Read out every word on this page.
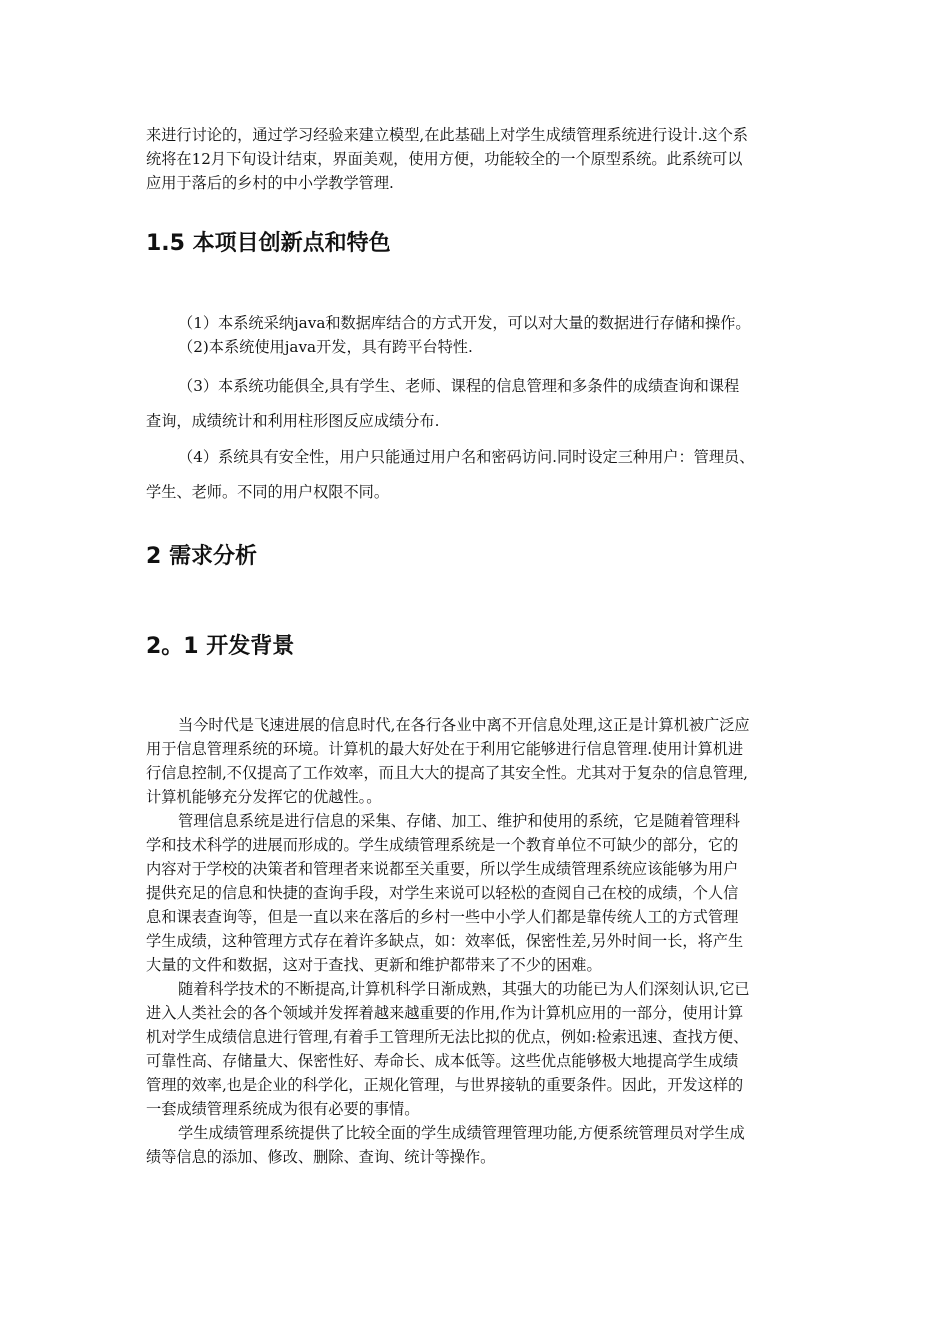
来进行讨论的，通过学习经验来建立模型,在此基础上对学生成绩管理系统进行设计.这个系
统将在12月下旬设计结束，界面美观，使用方便，功能较全的一个原型系统。此系统可以
应用于落后的乡村的中小学教学管理.
1.5 本项目创新点和特色
（1）本系统采纳java和数据库结合的方式开发，可以对大量的数据进行存储和操作。
（2)本系统使用java开发，具有跨平台特性.
（3）本系统功能俱全,具有学生、老师、课程的信息管理和多条件的成绩查询和课程
查询，成绩统计和利用柱形图反应成绩分布.
（4）系统具有安全性，用户只能通过用户名和密码访问.同时设定三种用户：管理员、
学生、老师。不同的用户权限不同。
2 需求分析
2。1 开发背景
当今时代是飞速进展的信息时代,在各行各业中离不开信息处理,这正是计算机被广泛应
用于信息管理系统的环境。计算机的最大好处在于利用它能够进行信息管理.使用计算机进
行信息控制,不仅提高了工作效率，而且大大的提高了其安全性。尤其对于复杂的信息管理,
计算机能够充分发挥它的优越性。。
管理信息系统是进行信息的采集、存储、加工、维护和使用的系统，它是随着管理科
学和技术科学的进展而形成的。学生成绩管理系统是一个教育单位不可缺少的部分，它的
内容对于学校的决策者和管理者来说都至关重要，所以学生成绩管理系统应该能够为用户
提供充足的信息和快捷的查询手段，对学生来说可以轻松的查阅自己在校的成绩，个人信
息和课表查询等，但是一直以来在落后的乡村一些中小学人们都是靠传统人工的方式管理
学生成绩，这种管理方式存在着许多缺点，如：效率低，保密性差,另外时间一长，将产生
大量的文件和数据，这对于查找、更新和维护都带来了不少的困难。
随着科学技术的不断提高,计算机科学日渐成熟，其强大的功能已为人们深刻认识,它已
进入人类社会的各个领域并发挥着越来越重要的作用,作为计算机应用的一部分，使用计算
机对学生成绩信息进行管理,有着手工管理所无法比拟的优点，例如:检索迅速、查找方便、
可靠性高、存储量大、保密性好、寿命长、成本低等。这些优点能够极大地提高学生成绩
管理的效率,也是企业的科学化，正规化管理，与世界接轨的重要条件。因此，开发这样的
一套成绩管理系统成为很有必要的事情。
学生成绩管理系统提供了比较全面的学生成绩管理管理功能,方便系统管理员对学生成
绩等信息的添加、修改、删除、查询、统计等操作。
